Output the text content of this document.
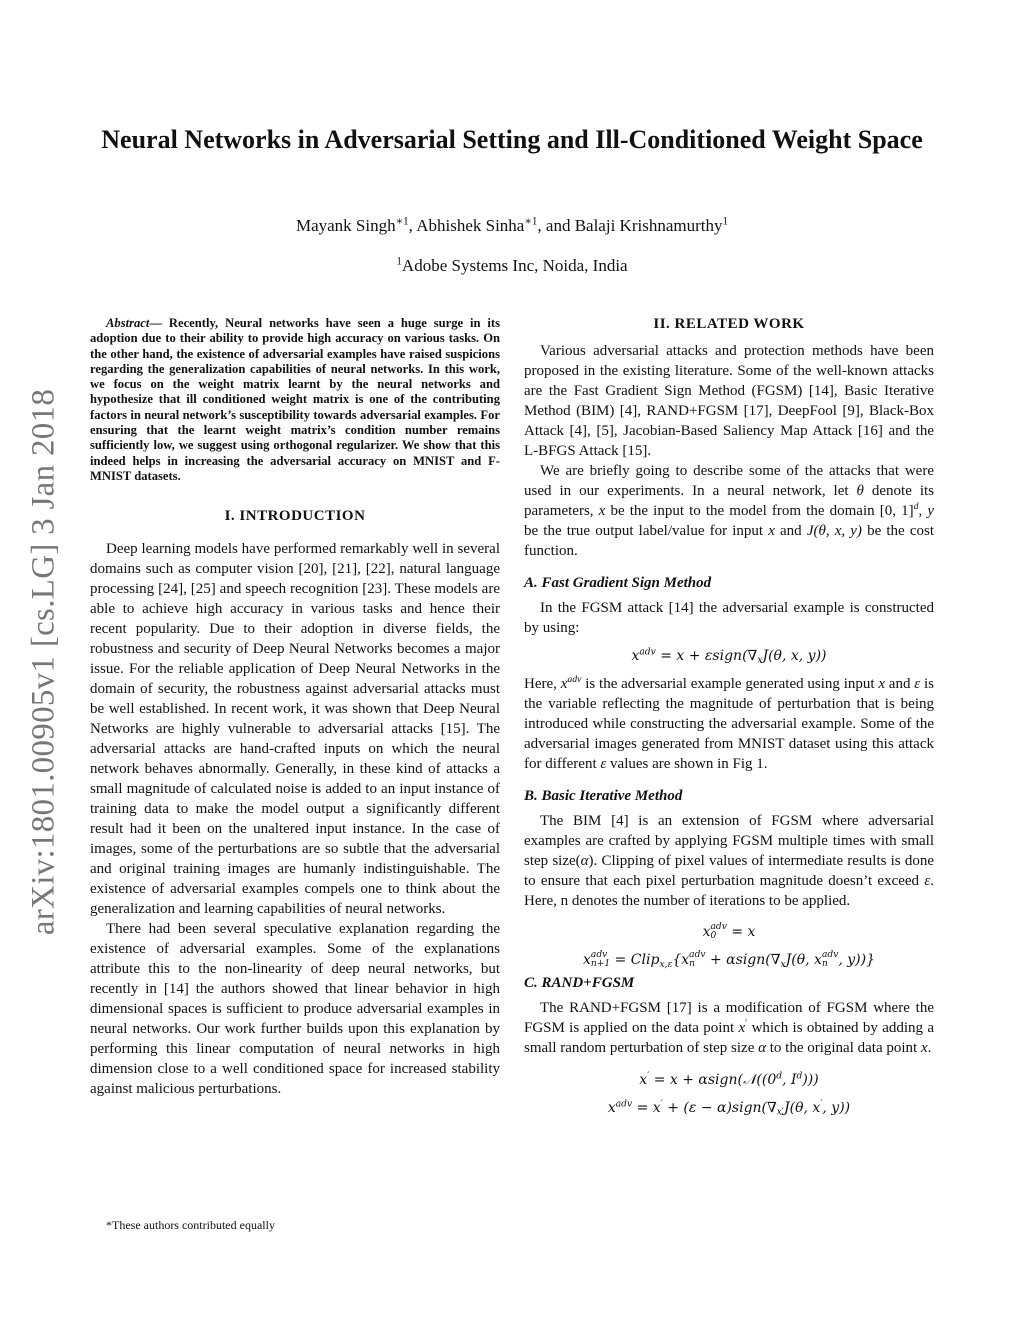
arXiv:1801.00905v1 [cs.LG] 3 Jan 2018
Neural Networks in Adversarial Setting and Ill-Conditioned Weight Space

Mayank Singh$^{∗1}$, Abhishek Sinha$^{∗1}$, and Balaji Krishnamurthy$^1$

$^1$Adobe Systems Inc, Noida, India

Abstract— Recently, Neural networks have seen a huge surge in its adoption due to their ability to provide high accuracy on various tasks. On the other hand, the existence of adversarial examples have raised suspicions regarding the generalization capabilities of neural networks. In this work, we focus on the weight matrix learnt by the neural networks and hypothesize that ill conditioned weight matrix is one of the contributing factors in neural network’s susceptibility towards adversarial examples. For ensuring that the learnt weight matrix’s condition number remains sufficiently low, we suggest using orthogonal regularizer. We show that this indeed helps in increasing the adversarial accuracy on MNIST and F-MNIST datasets.

I. INTRODUCTION

Deep learning models have performed remarkably well in several domains such as computer vision [20], [21], [22], natural language processing [24], [25] and speech recognition [23]. These models are able to achieve high accuracy in various tasks and hence their recent popularity. Due to their adoption in diverse fields, the robustness and security of Deep Neural Networks becomes a major issue. For the reliable application of Deep Neural Networks in the domain of security, the robustness against adversarial attacks must be well established. In recent work, it was shown that Deep Neural Networks are highly vulnerable to adversarial attacks [15]. The adversarial attacks are hand-crafted inputs on which the neural network behaves abnormally. Generally, in these kind of attacks a small magnitude of calculated noise is added to an input instance of training data to make the model output a significantly different result had it been on the unaltered input instance. In the case of images, some of the perturbations are so subtle that the adversarial and original training images are humanly indistinguishable. The existence of adversarial examples compels one to think about the generalization and learning capabilities of neural networks.

There had been several speculative explanation regarding the existence of adversarial examples. Some of the explanations attribute this to the non-linearity of deep neural networks, but recently in [14] the authors showed that linear behavior in high dimensional spaces is sufficient to produce adversarial examples in neural networks. Our work further builds upon this explanation by performing this linear computation of neural networks in high dimension close to a well conditioned space for increased stability against malicious perturbations.

*These authors contributed equally
II. RELATED WORK

Various adversarial attacks and protection methods have been proposed in the existing literature. Some of the well-known attacks are the Fast Gradient Sign Method (FGSM) [14], Basic Iterative Method (BIM) [4], RAND+FGSM [17], DeepFool [9], Black-Box Attack [4], [5], Jacobian-Based Saliency Map Attack [16] and the L-BFGS Attack [15].

We are briefly going to describe some of the attacks that were used in our experiments. In a neural network, let θ denote its parameters, x be the input to the model from the domain [0, 1]$^d$, y be the true output label/value for input x and J(θ, x, y) be the cost function.

A. Fast Gradient Sign Method

In the FGSM attack [14] the adversarial example is constructed by using:

$x^{adv} = x$ + $\varepsilon sign(\nabla_xJ(\theta$, x, y))

Here, $x^{adv}$ is the adversarial example generated using input x and ε is the variable reflecting the magnitude of perturbation that is being introduced while constructing the adversarial example. Some of the adversarial images generated from MNIST dataset using this attack for different ε values are shown in Fig 1.

B. Basic Iterative Method

The BIM [4] is an extension of FGSM where adversarial examples are crafted by applying FGSM multiple times with small step size(α). Clipping of pixel values of intermediate results is done to ensure that each pixel perturbation magnitude doesn’t exceed ε. Here, n denotes the number of iterations to be applied.

x adv
0 = x
x adv
n+1 = Clip$_{x,\varepsilon}${x adv
$n + \alpha sign(\nabla_xJ(\theta$, x adv
n , y))}
C. RAND+FGSM

The RAND+FGSM [17] is a modification of FGSM where the FGSM is applied on the data point x′ which is obtained by adding a small random perturbation of step size α to the original data point x.

$x' = x + \alpha sign(𝒩((0^d$, $I^d$)))
$x^{adv} = x' + (\varepsilon$ − $\alpha)sign(\nabla_{x'}J(\theta$, x′, y))
